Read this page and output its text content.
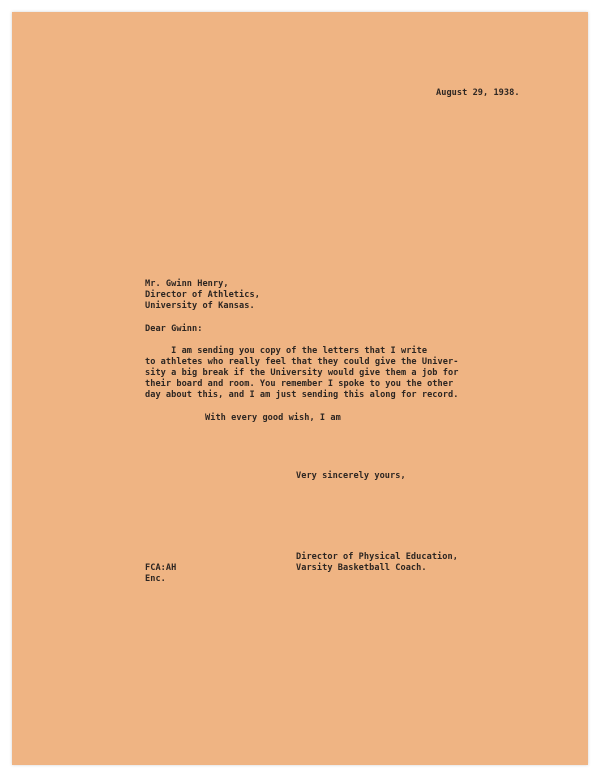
August 29, 1938.
Mr. Gwinn Henry,
Director of Athletics,
University of Kansas.
Dear Gwinn:
I am sending you copy of the letters that I write
to athletes who really feel that they could give the Univer-
sity a big break if the University would give them a job for
their board and room. You remember I spoke to you the other
day about this, and I am just sending this along for record.
With every good wish, I am
Very sincerely yours,
Director of Physical Education,
Varsity Basketball Coach.
FCA:AH
Enc.
